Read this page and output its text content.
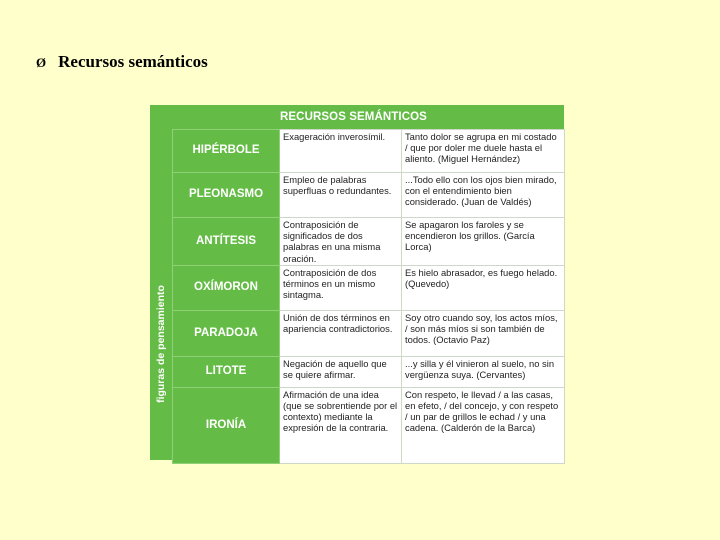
Ø Recursos semánticos
RECURSOS SEMÁNTICOS
figuras de pensamiento
HIPÉRBOLE	Exageración inverosímil.	Tanto dolor se agrupa en mi costado / que por doler me duele hasta el aliento. (Miguel Hernández)
PLEONASMO	Empleo de palabras superfluas o redundantes.	...Todo ello con los ojos bien mirado, con el entendimiento bien considerado. (Juan de Valdés)
ANTÍTESIS	Contraposición de significados de dos palabras en una misma oración.	Se apagaron los faroles y se encendieron los grillos. (García Lorca)
OXÍMORON	Contraposición de dos términos en un mismo sintagma.	Es hielo abrasador, es fuego helado. (Quevedo)
PARADOJA	Unión de dos términos en apariencia contradictorios.	Soy otro cuando soy, los actos míos, / son más míos si son también de todos. (Octavio Paz)
LITOTE	Negación de aquello que se quiere afirmar.	...y silla y él vinieron al suelo, no sin vergüenza suya. (Cervantes)
IRONÍA	Afirmación de una idea (que se sobrentiende por el contexto) mediante la expresión de la contraria.	Con respeto, le llevad / a las casas, en efeto, / del concejo, y con respeto / un par de grillos le echad / y una cadena. (Calderón de la Barca)
